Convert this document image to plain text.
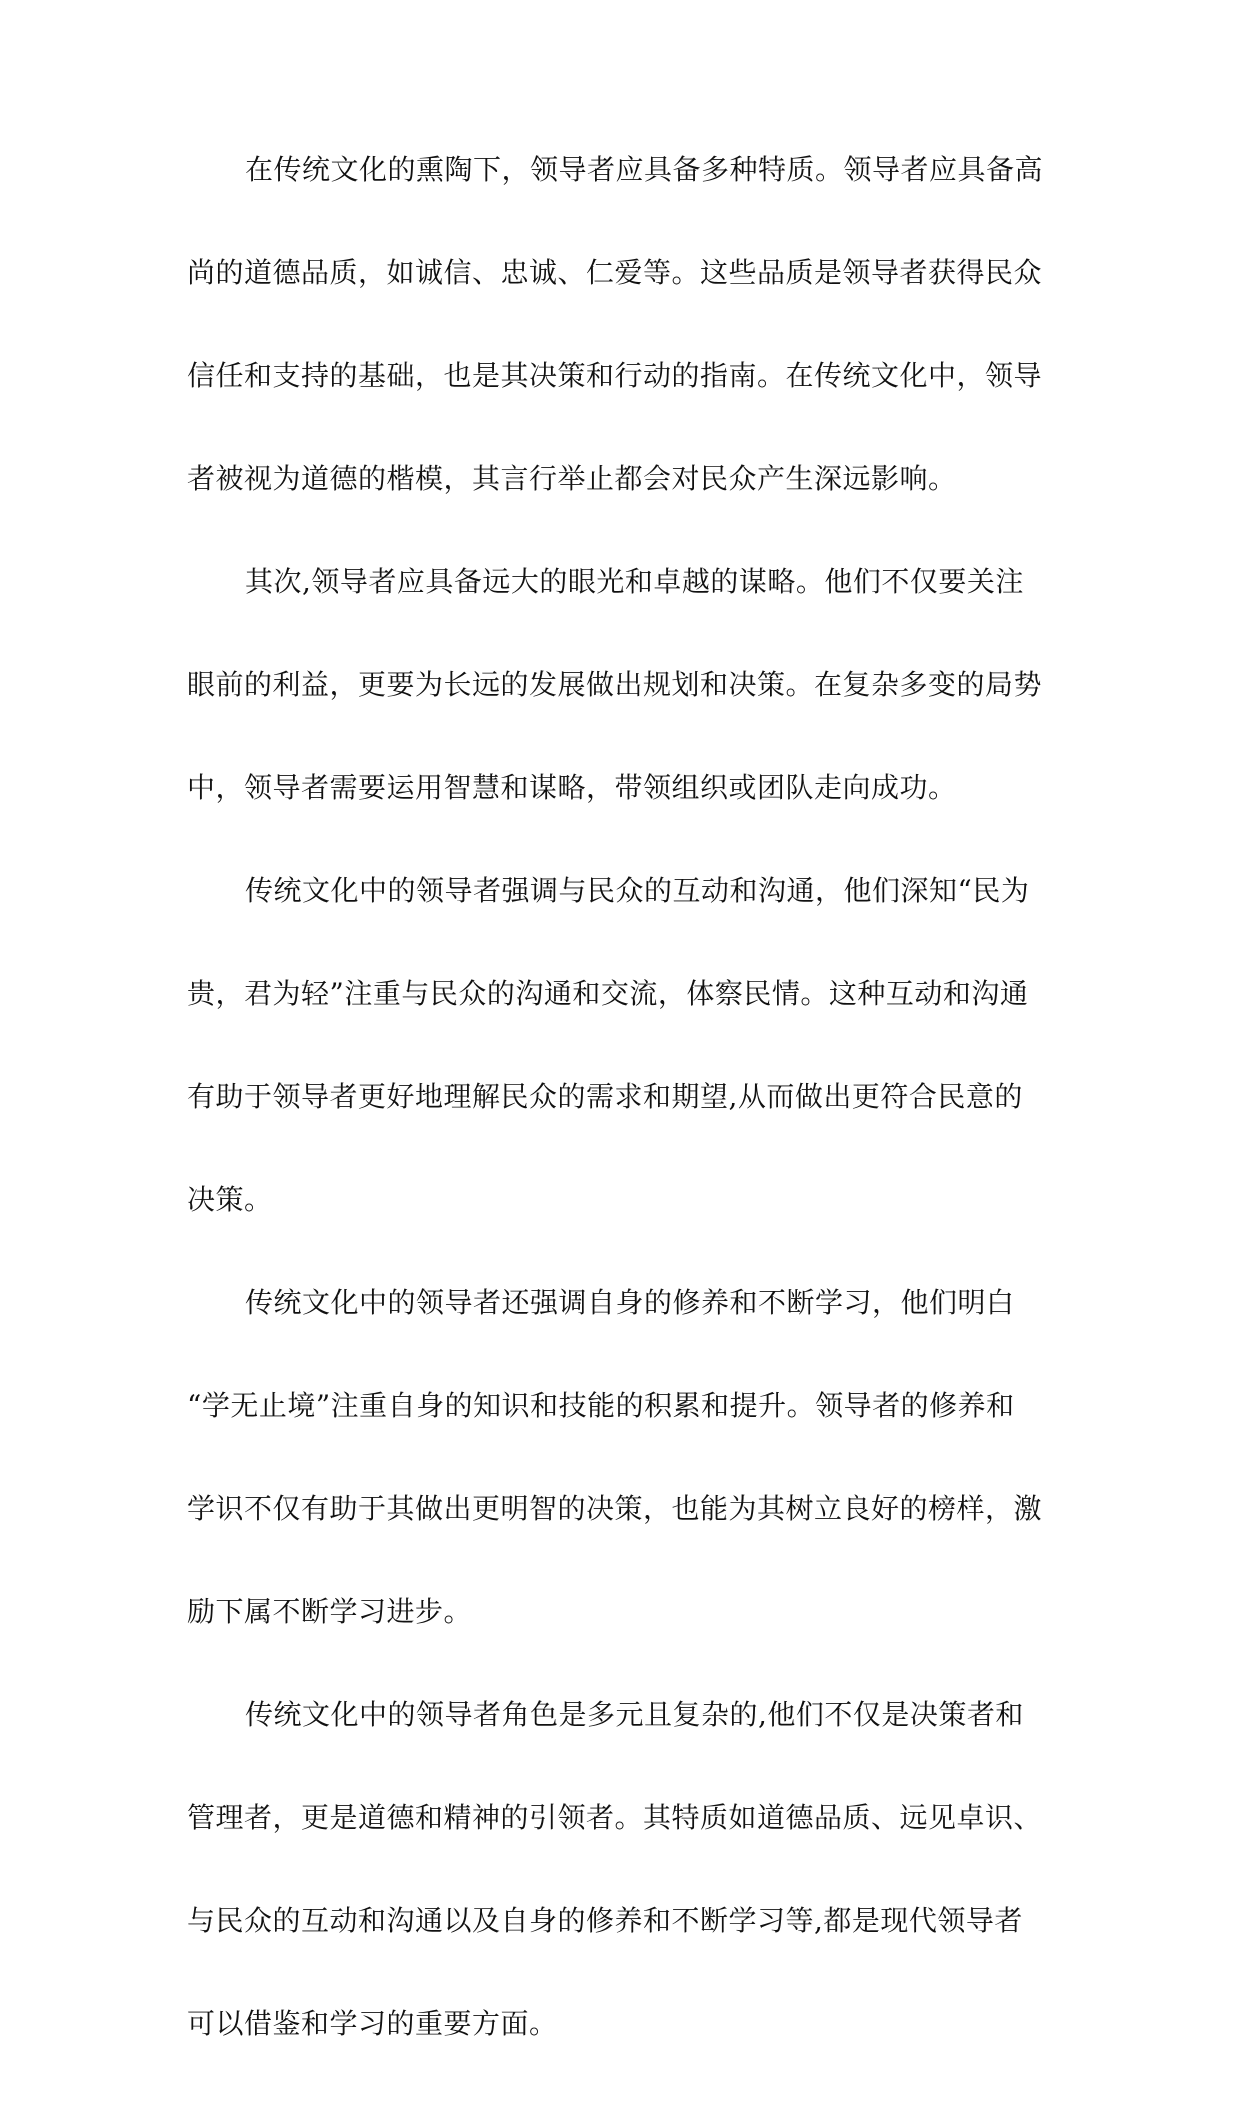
在传统文化的熏陶下，领导者应具备多种特质。领导者应具备高
尚的道德品质，如诚信、忠诚、仁爱等。这些品质是领导者获得民众
信任和支持的基础，也是其决策和行动的指南。在传统文化中，领导
者被视为道德的楷模，其言行举止都会对民众产生深远影响。
其次,领导者应具备远大的眼光和卓越的谋略。他们不仅要关注
眼前的利益，更要为长远的发展做出规划和决策。在复杂多变的局势
中，领导者需要运用智慧和谋略，带领组织或团队走向成功。
传统文化中的领导者强调与民众的互动和沟通，他们深知“民为
贵，君为轻”注重与民众的沟通和交流，体察民情。这种互动和沟通
有助于领导者更好地理解民众的需求和期望,从而做出更符合民意的
决策。
传统文化中的领导者还强调自身的修养和不断学习，他们明白
“学无止境”注重自身的知识和技能的积累和提升。领导者的修养和
学识不仅有助于其做出更明智的决策，也能为其树立良好的榜样，激
励下属不断学习进步。
传统文化中的领导者角色是多元且复杂的,他们不仅是决策者和
管理者，更是道德和精神的引领者。其特质如道德品质、远见卓识、
与民众的互动和沟通以及自身的修养和不断学习等,都是现代领导者
可以借鉴和学习的重要方面。
